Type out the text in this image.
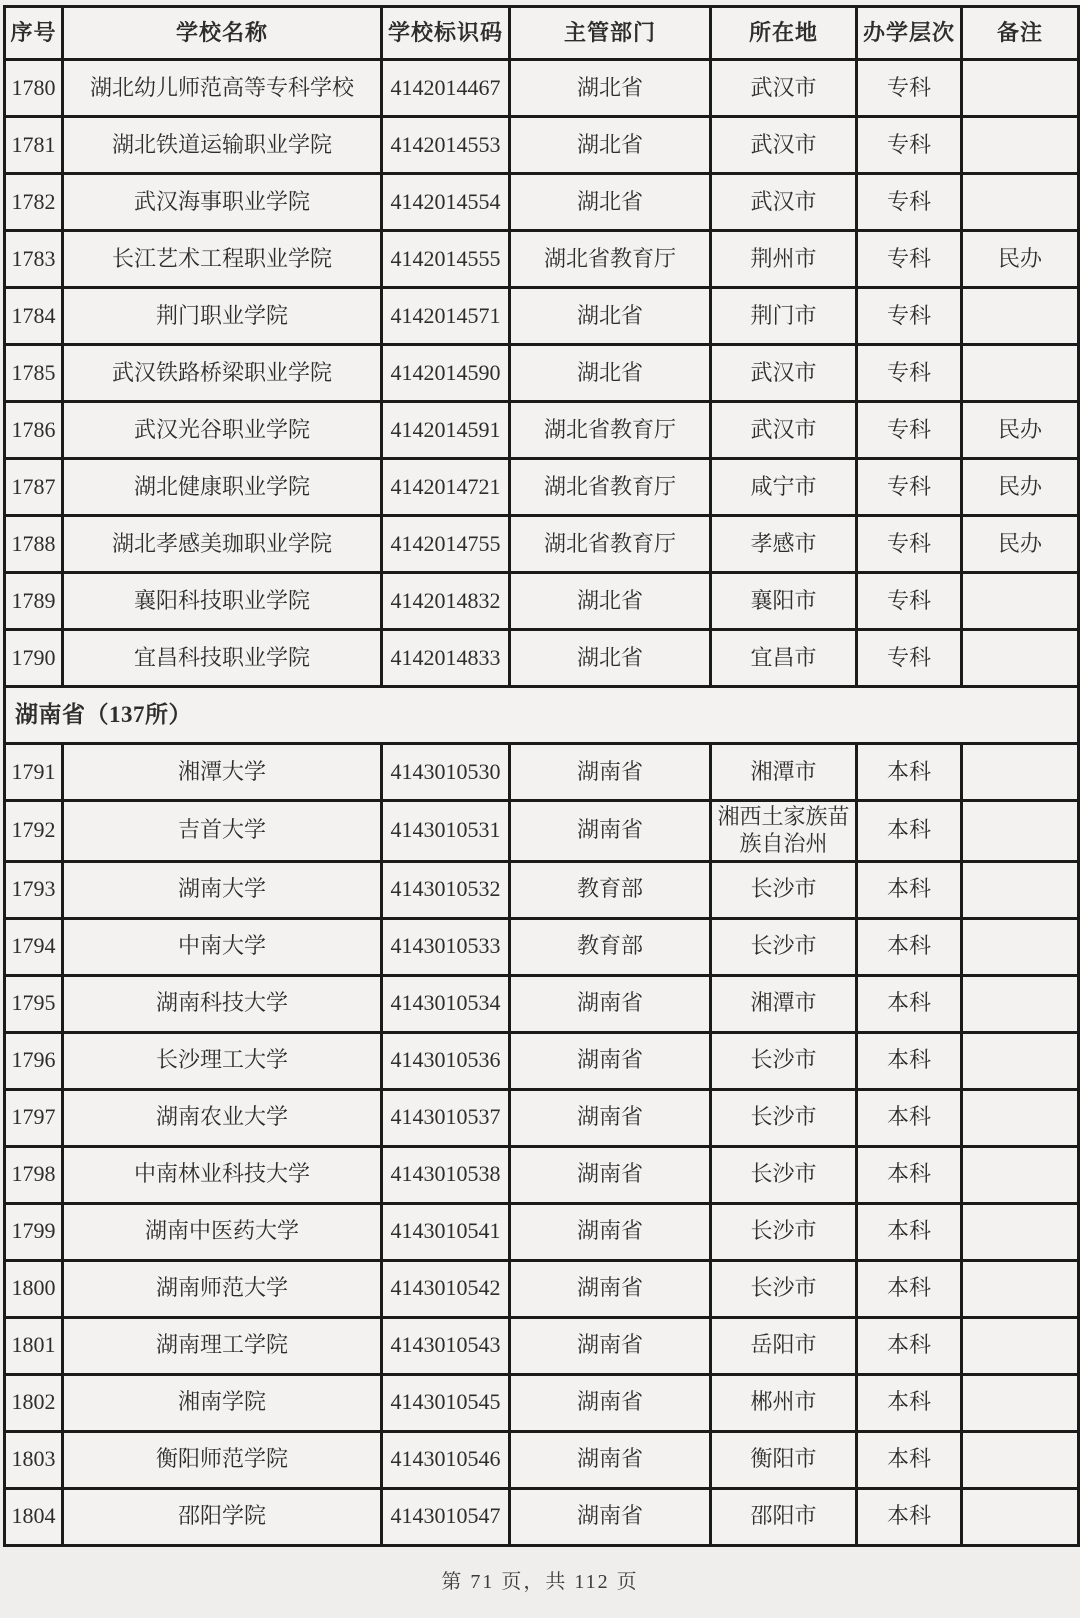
序号	学校名称	学校标识码	主管部门	所在地	办学层次	备注
1780	湖北幼儿师范高等专科学校	4142014467	湖北省	武汉市	专科	
1781	湖北铁道运输职业学院	4142014553	湖北省	武汉市	专科	
1782	武汉海事职业学院	4142014554	湖北省	武汉市	专科	
1783	长江艺术工程职业学院	4142014555	湖北省教育厅	荆州市	专科	民办
1784	荆门职业学院	4142014571	湖北省	荆门市	专科	
1785	武汉铁路桥梁职业学院	4142014590	湖北省	武汉市	专科	
1786	武汉光谷职业学院	4142014591	湖北省教育厅	武汉市	专科	民办
1787	湖北健康职业学院	4142014721	湖北省教育厅	咸宁市	专科	民办
1788	湖北孝感美珈职业学院	4142014755	湖北省教育厅	孝感市	专科	民办
1789	襄阳科技职业学院	4142014832	湖北省	襄阳市	专科	
1790	宜昌科技职业学院	4142014833	湖北省	宜昌市	专科	
湖南省（137所）						
1791	湘潭大学	4143010530	湖南省	湘潭市	本科	
1792	吉首大学	4143010531	湖南省	湘西土家族苗族自治州	本科	
1793	湖南大学	4143010532	教育部	长沙市	本科	
1794	中南大学	4143010533	教育部	长沙市	本科	
1795	湖南科技大学	4143010534	湖南省	湘潭市	本科	
1796	长沙理工大学	4143010536	湖南省	长沙市	本科	
1797	湖南农业大学	4143010537	湖南省	长沙市	本科	
1798	中南林业科技大学	4143010538	湖南省	长沙市	本科	
1799	湖南中医药大学	4143010541	湖南省	长沙市	本科	
1800	湖南师范大学	4143010542	湖南省	长沙市	本科	
1801	湖南理工学院	4143010543	湖南省	岳阳市	本科	
1802	湘南学院	4143010545	湖南省	郴州市	本科	
1803	衡阳师范学院	4143010546	湖南省	衡阳市	本科	
1804	邵阳学院	4143010547	湖南省	邵阳市	本科	
第 71 页，共 112 页
